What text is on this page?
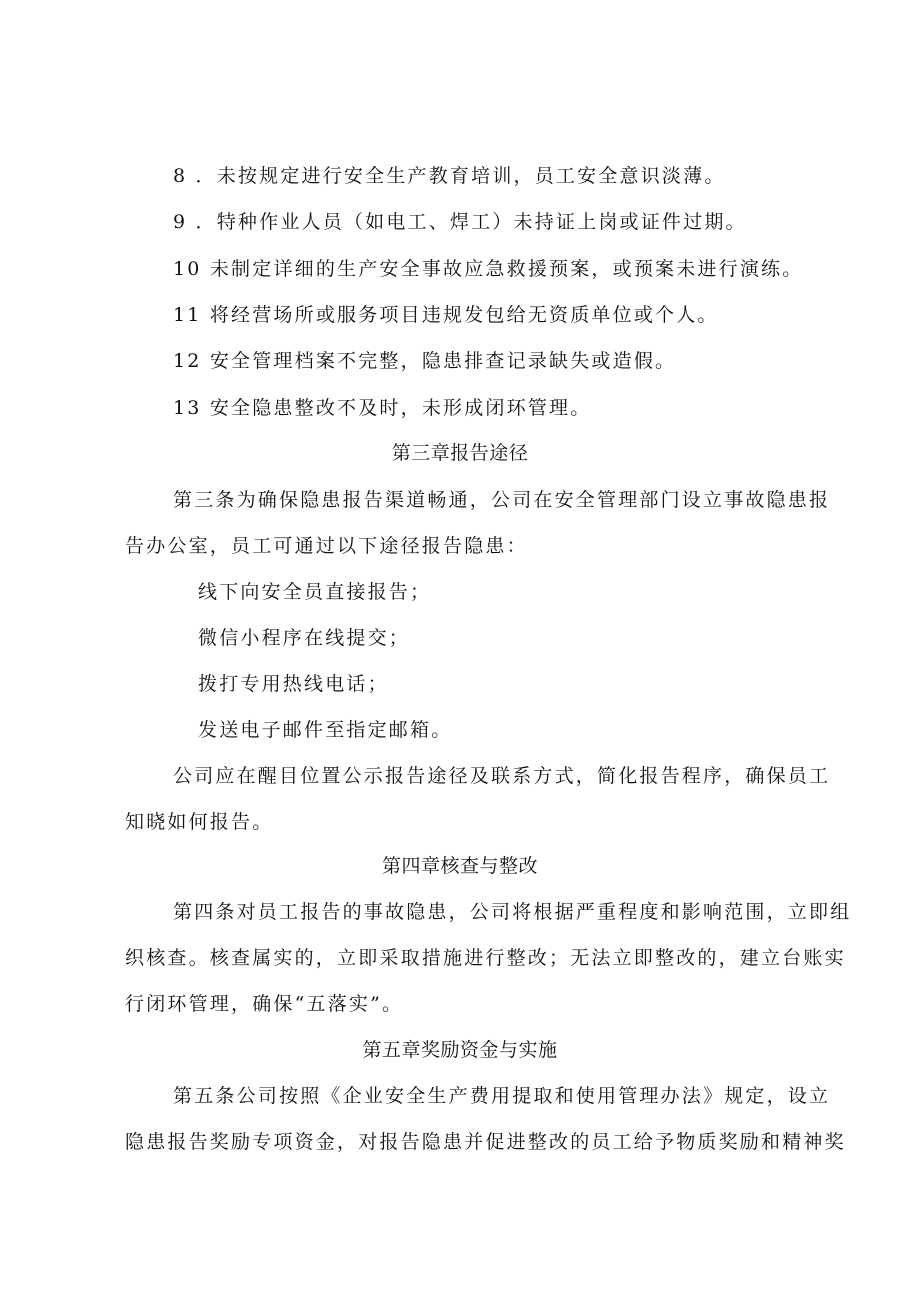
8 ．未按规定进行安全生产教育培训，员工安全意识淡薄。
9 ．特种作业人员（如电工、焊工）未持证上岗或证件过期。
10 未制定详细的生产安全事故应急救援预案，或预案未进行演练。
11 将经营场所或服务项目违规发包给无资质单位或个人。
12 安全管理档案不完整，隐患排查记录缺失或造假。
13 安全隐患整改不及时，未形成闭环管理。
第三章报告途径
第三条为确保隐患报告渠道畅通，公司在安全管理部门设立事故隐患报
告办公室，员工可通过以下途径报告隐患：
线下向安全员直接报告；
微信小程序在线提交；
拨打专用热线电话；
发送电子邮件至指定邮箱。
公司应在醒目位置公示报告途径及联系方式，简化报告程序，确保员工
知晓如何报告。
第四章核查与整改
第四条对员工报告的事故隐患，公司将根据严重程度和影响范围，立即组
织核查。核查属实的，立即采取措施进行整改；无法立即整改的，建立台账实
行闭环管理，确保“五落实”。
第五章奖励资金与实施
第五条公司按照《企业安全生产费用提取和使用管理办法》规定，设立
隐患报告奖励专项资金，对报告隐患并促进整改的员工给予物质奖励和精神奖
